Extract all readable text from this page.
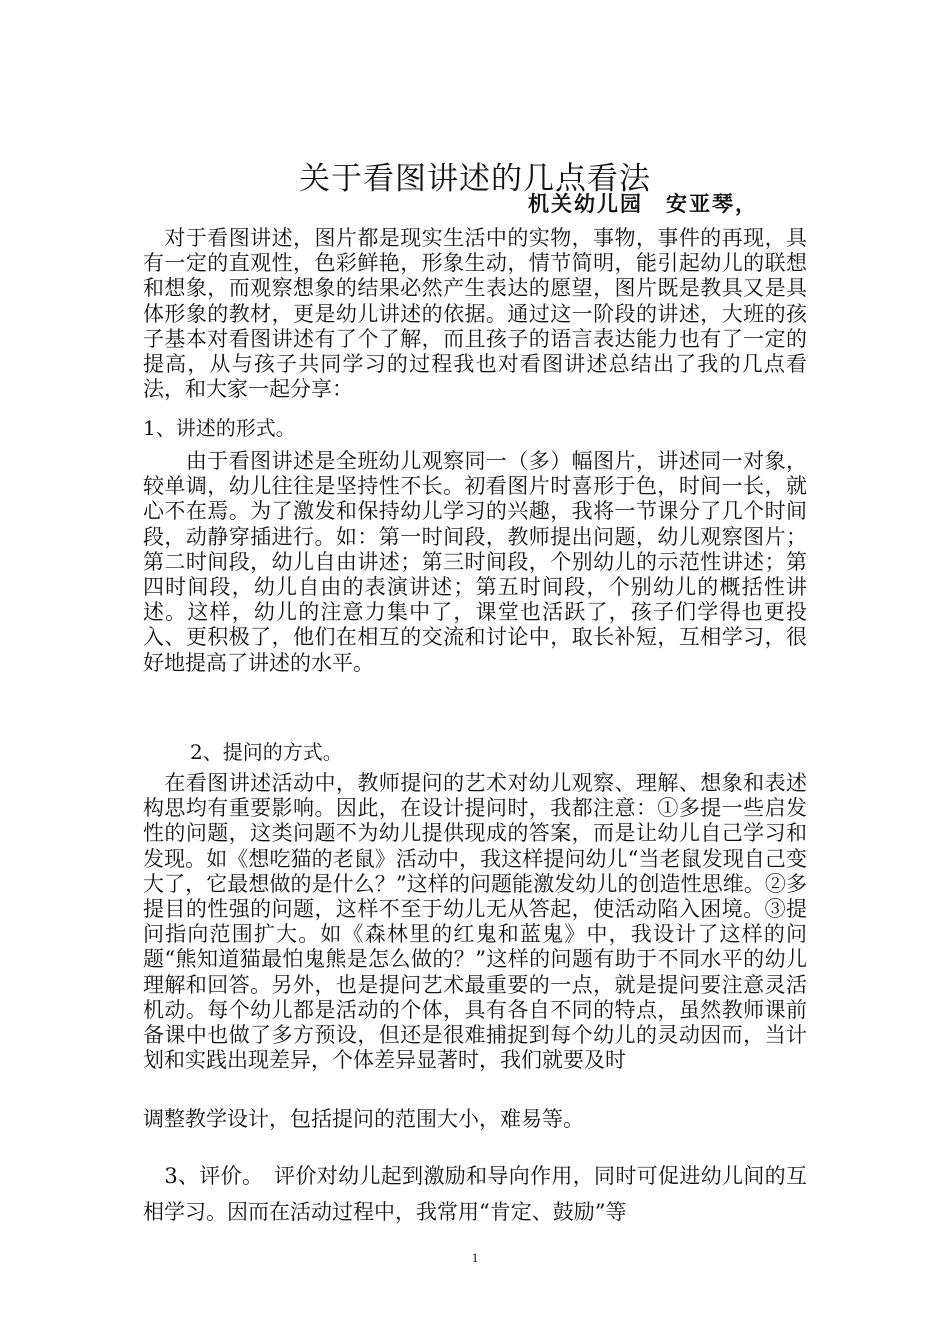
关于看图讲述的几点看法
机关幼儿园　安亚琴，

　对于看图讲述，图片都是现实生活中的实物，事物，事件的再现，具有一定的直观性，色彩鲜艳，形象生动，情节简明，能引起幼儿的联想和想象，而观察想象的结果必然产生表达的愿望，图片既是教具又是具体形象的教材，更是幼儿讲述的依据。通过这一阶段的讲述，大班的孩子基本对看图讲述有了个了解，而且孩子的语言表达能力也有了一定的提高，从与孩子共同学习的过程我也对看图讲述总结出了我的几点看法，和大家一起分享：

1、讲述的形式。

　　由于看图讲述是全班幼儿观察同一（多）幅图片，讲述同一对象，较单调，幼儿往往是坚持性不长。初看图片时喜形于色，时间一长，就心不在焉。为了激发和保持幼儿学习的兴趣，我将一节课分了几个时间段，动静穿插进行。如：第一时间段，教师提出问题，幼儿观察图片；第二时间段，幼儿自由讲述；第三时间段，个别幼儿的示范性讲述；第四时间段，幼儿自由的表演讲述；第五时间段，个别幼儿的概括性讲述。这样，幼儿的注意力集中了，课堂也活跃了，孩子们学得也更投入、更积极了，他们在相互的交流和讨论中，取长补短，互相学习，很好地提高了讲述的水平。

2、提问的方式。

　在看图讲述活动中，教师提问的艺术对幼儿观察、理解、想象和表述构思均有重要影响。因此，在设计提问时，我都注意：①多提一些启发性的问题，这类问题不为幼儿提供现成的答案，而是让幼儿自己学习和发现。如《想吃猫的老鼠》活动中，我这样提问幼儿“当老鼠发现自己变大了，它最想做的是什么？”这样的问题能激发幼儿的创造性思维。②多提目的性强的问题，这样不至于幼儿无从答起，使活动陷入困境。③提问指向范围扩大。如《森林里的红鬼和蓝鬼》中，我设计了这样的问题“熊知道猫最怕鬼熊是怎么做的？”这样的问题有助于不同水平的幼儿理解和回答。另外，也是提问艺术最重要的一点，就是提问要注意灵活机动。每个幼儿都是活动的个体，具有各自不同的特点，虽然教师课前备课中也做了多方预设，但还是很难捕捉到每个幼儿的灵动因而，当计划和实践出现差异，个体差异显著时，我们就要及时

调整教学设计，包括提问的范围大小，难易等。

　3、评价。　评价对幼儿起到激励和导向作用，同时可促进幼儿间的互相学习。因而在活动过程中，我常用“肯定、鼓励”等

1
